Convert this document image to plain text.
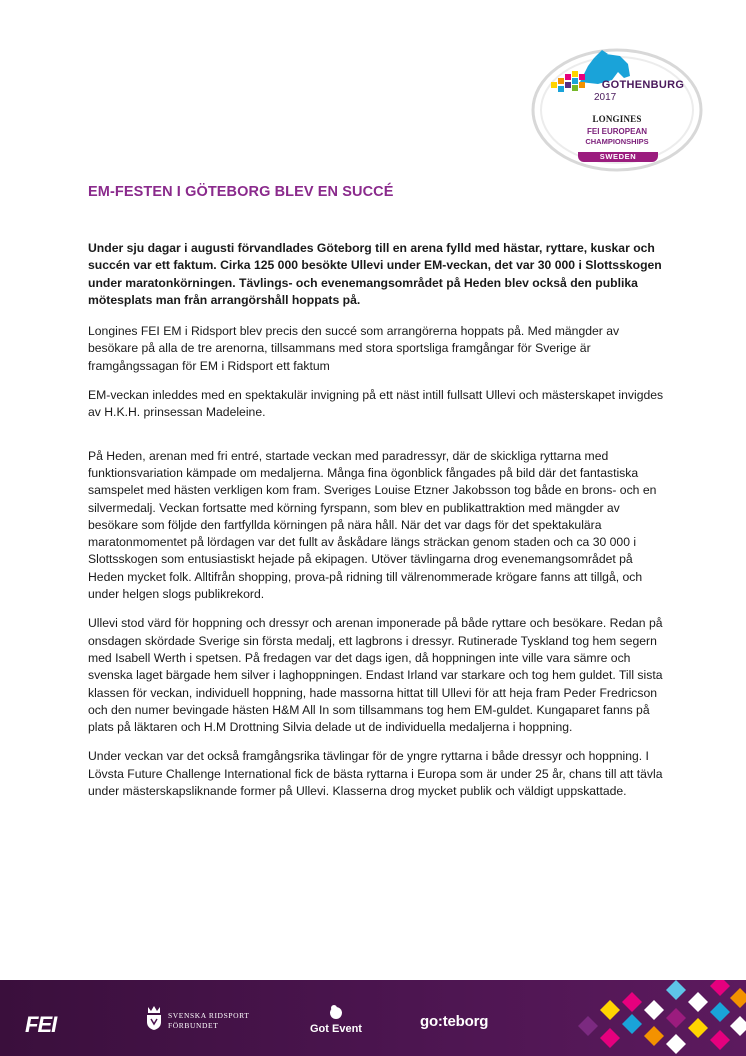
GOTHENBURG
2017
LONGINES
FEI EUROPEAN
CHAMPIONSHIPS
SWEDEN
EM-FESTEN I GÖTEBORG BLEV EN SUCCÉ

Under sju dagar i augusti förvandlades Göteborg till en arena fylld med hästar, ryttare, kuskar och succén var ett faktum. Cirka 125 000 besökte Ullevi under EM-veckan, det var 30 000 i Slottsskogen under maratonkörningen. Tävlings- och evenemangsområdet på Heden blev också den publika mötesplats man från arrangörshåll hoppats på.

Longines FEI EM i Ridsport blev precis den succé som arrangörerna hoppats på. Med mängder av besökare på alla de tre arenorna, tillsammans med stora sportsliga framgångar för Sverige är framgångssagan för EM i Ridsport ett faktum

EM-veckan inleddes med en spektakulär invigning på ett näst intill fullsatt Ullevi och mästerskapet invigdes av H.K.H. prinsessan Madeleine.

På Heden, arenan med fri entré, startade veckan med paradressyr, där de skickliga ryttarna med funktionsvariation kämpade om medaljerna. Många fina ögonblick fångades på bild där det fantastiska samspelet med hästen verkligen kom fram. Sveriges Louise Etzner Jakobsson tog både en brons- och en silvermedalj. Veckan fortsatte med körning fyrspann, som blev en publikattraktion med mängder av besökare som följde den fartfyllda körningen på nära håll. När det var dags för det spektakulära maratonmomentet på lördagen var det fullt av åskådare längs sträckan genom staden och ca 30 000 i Slottsskogen som entusiastiskt hejade på ekipagen. Utöver tävlingarna drog evenemangsområdet på Heden mycket folk. Alltifrån shopping, prova-på ridning till välrenommerade krögare fanns att tillgå, och under helgen slogs publikrekord.

Ullevi stod värd för hoppning och dressyr och arenan imponerade på både ryttare och besökare. Redan på onsdagen skördade Sverige sin första medalj, ett lagbrons i dressyr. Rutinerade Tyskland tog hem segern med Isabell Werth i spetsen. På fredagen var det dags igen, då hoppningen inte ville vara sämre och svenska laget bärgade hem silver i laghoppningen. Endast Irland var starkare och tog hem guldet. Till sista klassen för veckan, individuell hoppning, hade massorna hittat till Ullevi för att heja fram Peder Fredricson och den numer bevingade hästen H&M All In som tillsammans tog hem EM-guldet. Kungaparet fanns på plats på läktaren och H.M Drottning Silvia delade ut de individuella medaljerna i hoppning.

Under veckan var det också framgångsrika tävlingar för de yngre ryttarna i både dressyr och hoppning. I Lövsta Future Challenge International fick de bästa ryttarna i Europa som är under 25 år, chans till att tävla under mästerskapsliknande former på Ullevi. Klasserna drog mycket publik och väldigt uppskattade.

FEI	SVENSKA RIDSPORT
FÖRBUNDET	Got Event	go:teborg
